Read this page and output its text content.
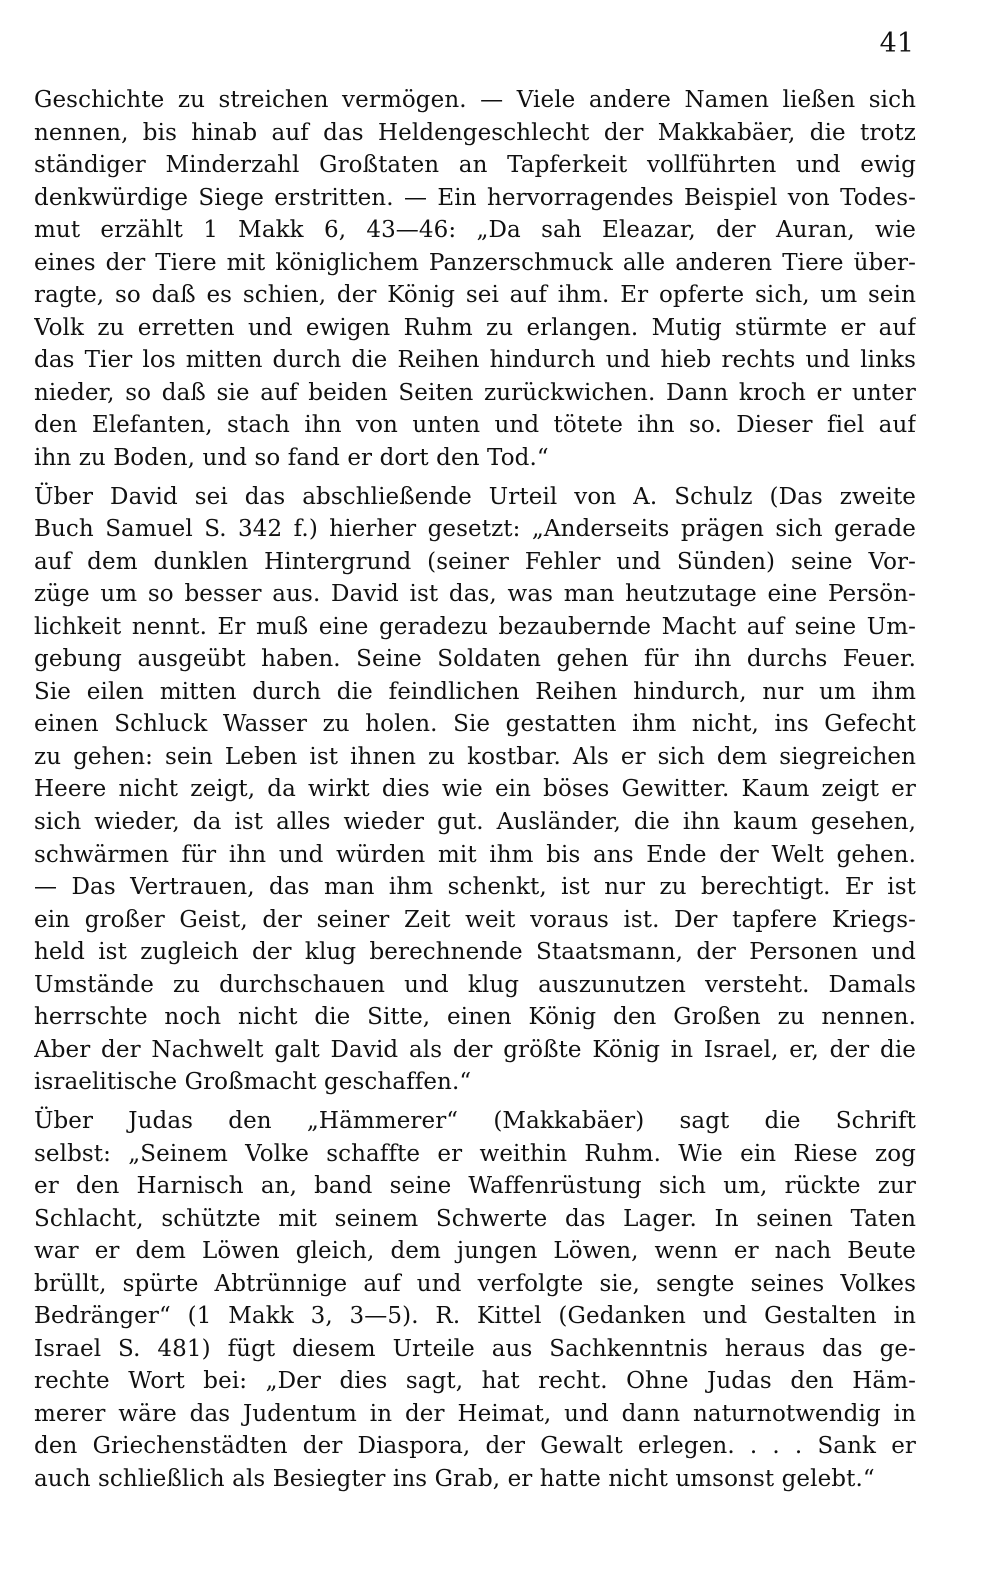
41
Geschichte zu streichen vermögen. — Viele andere Namen ließen sich
nennen, bis hinab auf das Heldengeschlecht der Makkabäer, die trotz
ständiger Minderzahl Großtaten an Tapferkeit vollführten und ewig
denkwürdige Siege erstritten. — Ein hervorragendes Beispiel von Todes-
mut erzählt 1 Makk 6, 43—46: „Da sah Eleazar, der Auran, wie
eines der Tiere mit königlichem Panzerschmuck alle anderen Tiere über-
ragte, so daß es schien, der König sei auf ihm. Er opferte sich, um sein
Volk zu erretten und ewigen Ruhm zu erlangen. Mutig stürmte er auf
das Tier los mitten durch die Reihen hindurch und hieb rechts und links
nieder, so daß sie auf beiden Seiten zurückwichen. Dann kroch er unter
den Elefanten, stach ihn von unten und tötete ihn so. Dieser fiel auf
ihn zu Boden, und so fand er dort den Tod.“
Über David sei das abschließende Urteil von A. Schulz (Das zweite
Buch Samuel S. 342 f.) hierher gesetzt: „Anderseits prägen sich gerade
auf dem dunklen Hintergrund (seiner Fehler und Sünden) seine Vor-
züge um so besser aus. David ist das, was man heutzutage eine Persön-
lichkeit nennt. Er muß eine geradezu bezaubernde Macht auf seine Um-
gebung ausgeübt haben. Seine Soldaten gehen für ihn durchs Feuer.
Sie eilen mitten durch die feindlichen Reihen hindurch, nur um ihm
einen Schluck Wasser zu holen. Sie gestatten ihm nicht, ins Gefecht
zu gehen: sein Leben ist ihnen zu kostbar. Als er sich dem siegreichen
Heere nicht zeigt, da wirkt dies wie ein böses Gewitter. Kaum zeigt er
sich wieder, da ist alles wieder gut. Ausländer, die ihn kaum gesehen,
schwärmen für ihn und würden mit ihm bis ans Ende der Welt gehen.
— Das Vertrauen, das man ihm schenkt, ist nur zu berechtigt. Er ist
ein großer Geist, der seiner Zeit weit voraus ist. Der tapfere Kriegs-
held ist zugleich der klug berechnende Staatsmann, der Personen und
Umstände zu durchschauen und klug auszunutzen versteht. Damals
herrschte noch nicht die Sitte, einen König den Großen zu nennen.
Aber der Nachwelt galt David als der größte König in Israel, er, der die
israelitische Großmacht geschaffen.“
Über Judas den „Hämmerer“ (Makkabäer) sagt die Schrift
selbst: „Seinem Volke schaffte er weithin Ruhm. Wie ein Riese zog
er den Harnisch an, band seine Waffenrüstung sich um, rückte zur
Schlacht, schützte mit seinem Schwerte das Lager. In seinen Taten
war er dem Löwen gleich, dem jungen Löwen, wenn er nach Beute
brüllt, spürte Abtrünnige auf und verfolgte sie, sengte seines Volkes
Bedränger“ (1 Makk 3, 3—5). R. Kittel (Gedanken und Gestalten in
Israel S. 481) fügt diesem Urteile aus Sachkenntnis heraus das ge-
rechte Wort bei: „Der dies sagt, hat recht. Ohne Judas den Häm-
merer wäre das Judentum in der Heimat, und dann naturnotwendig in
den Griechenstädten der Diaspora, der Gewalt erlegen. . . . Sank er
auch schließlich als Besiegter ins Grab, er hatte nicht umsonst gelebt.“
